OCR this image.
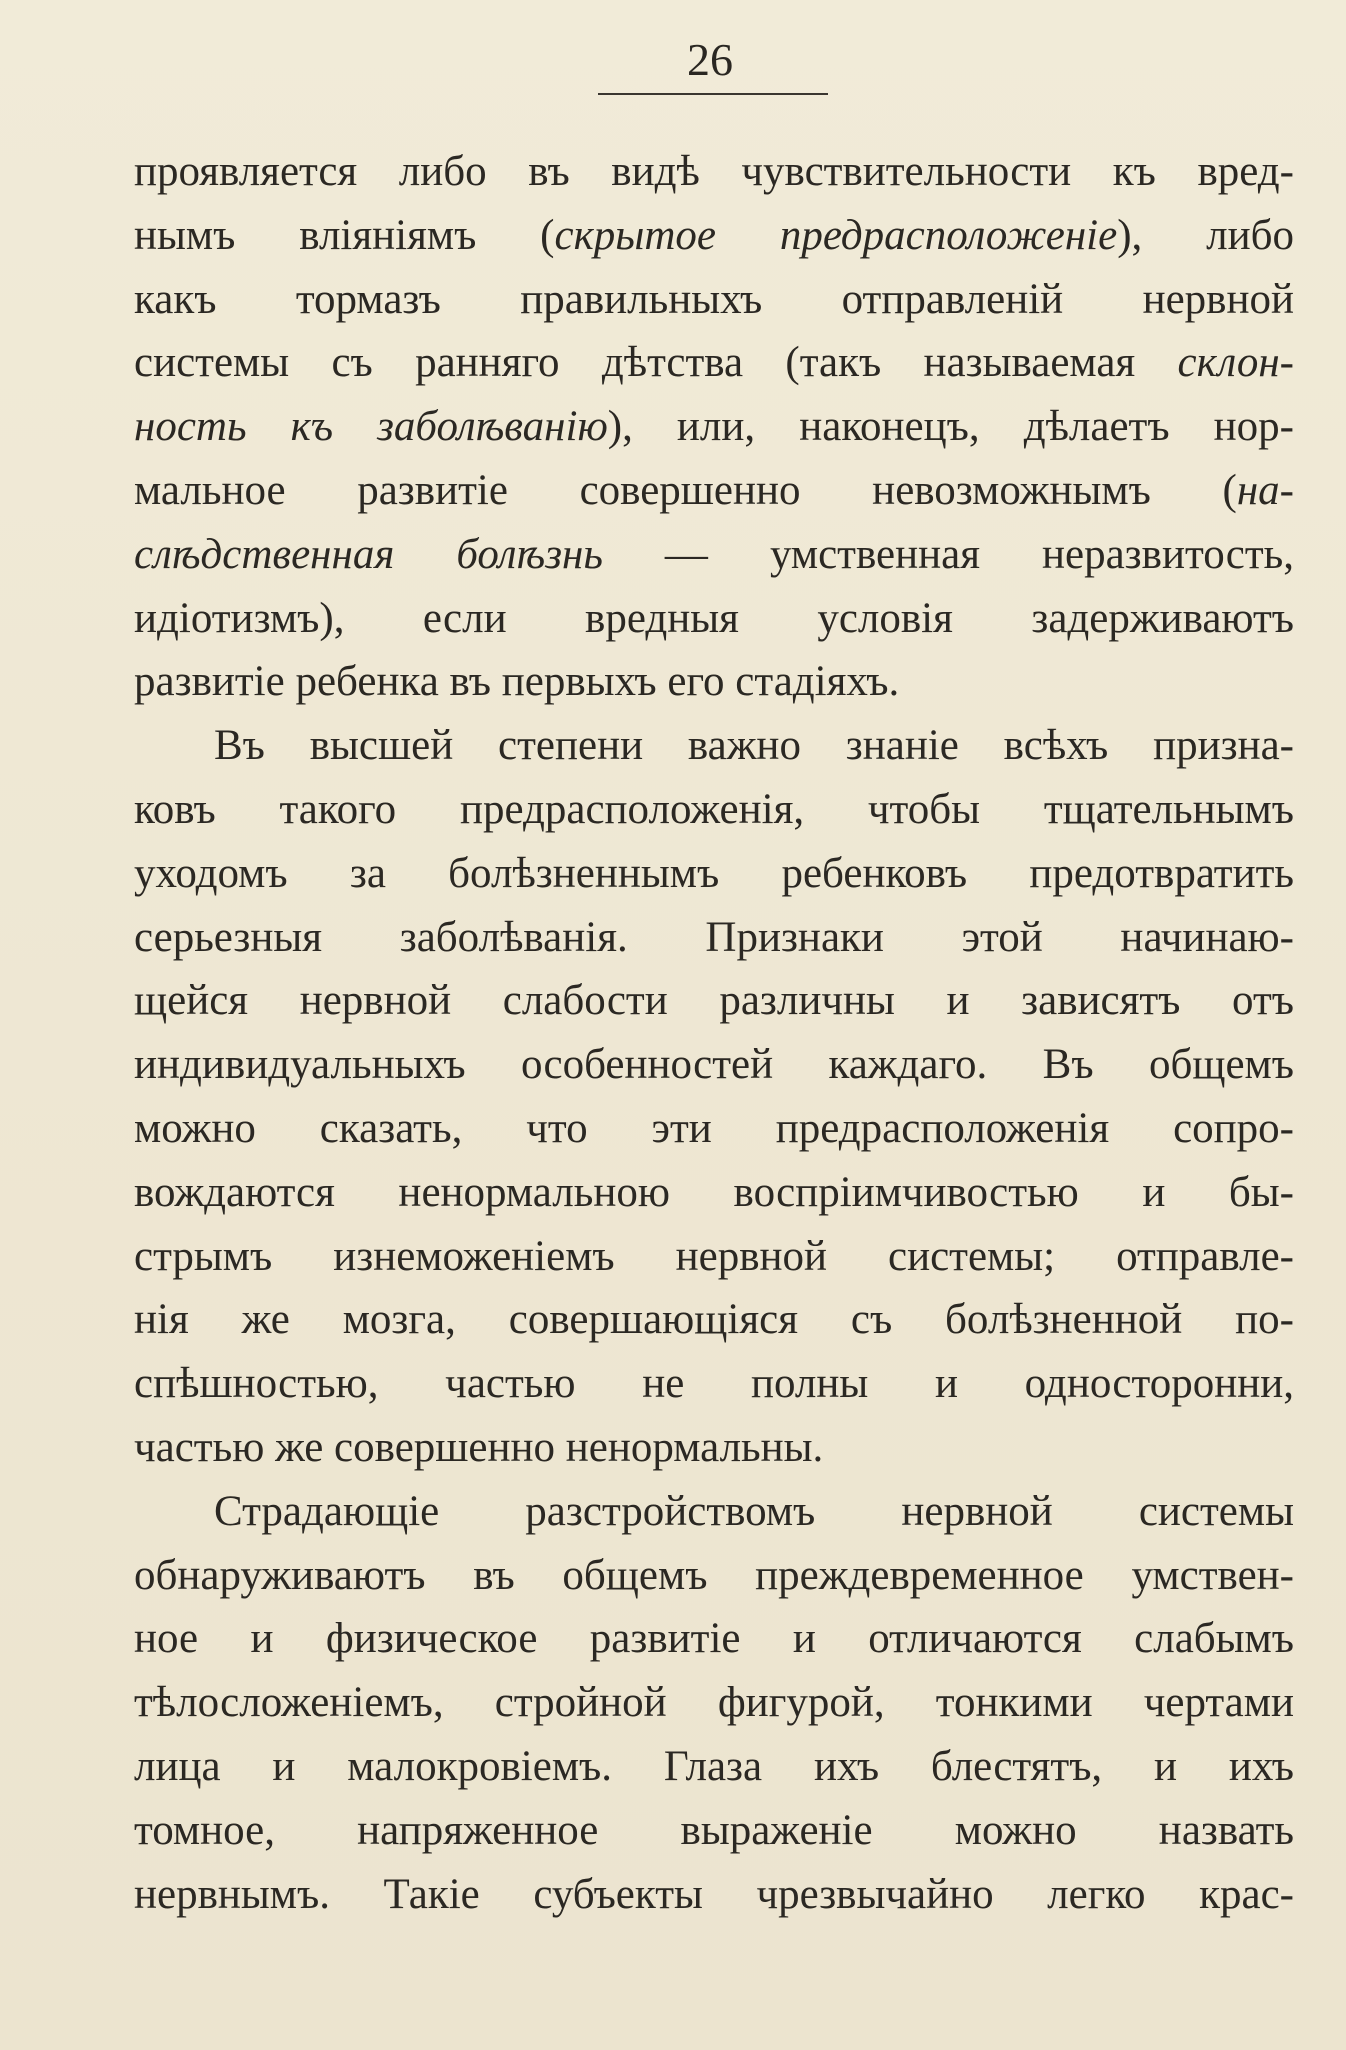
26
проявляется либо въ видѣ чувствительности къ вред-
нымъ влiянiямъ (скрытое предрасположенiе), либо
какъ тормазъ правильныхъ отправленiй нервной
системы съ ранняго дѣтства (такъ называемая склон-
ность къ заболѣванiю), или, наконецъ, дѣлаетъ нор-
мальное развитiе совершенно невозможнымъ (на-
слѣдственная болѣзнь — умственная неразвитость,
идiотизмъ), если вредныя условiя задерживаютъ
развитiе ребенка въ первыхъ его стадiяхъ.
Въ высшей степени важно знанiе всѣхъ призна-
ковъ такого предрасположенiя, чтобы тщательнымъ
уходомъ за болѣзненнымъ ребенковъ предотвратить
серьезныя заболѣванiя. Признаки этой начинаю-
щейся нервной слабости различны и зависятъ отъ
индивидуальныхъ особенностей каждаго. Въ общемъ
можно сказать, что эти предрасположенiя сопро-
вождаются ненормальною воспрiимчивостью и бы-
стрымъ изнеможенiемъ нервной системы; отправле-
нiя же мозга, совершающiяся съ болѣзненной по-
спѣшностью, частью не полны и односторонни,
частью же совершенно ненормальны.
Страдающiе разстройствомъ нервной системы
обнаруживаютъ въ общемъ преждевременное умствен-
ное и физическое развитiе и отличаются слабымъ
тѣлосложенiемъ, стройной фигурой, тонкими чертами
лица и малокровiемъ. Глаза ихъ блестятъ, и ихъ
томное, напряженное выраженiе можно назвать
нервнымъ. Такiе субъекты чрезвычайно легко крас-
